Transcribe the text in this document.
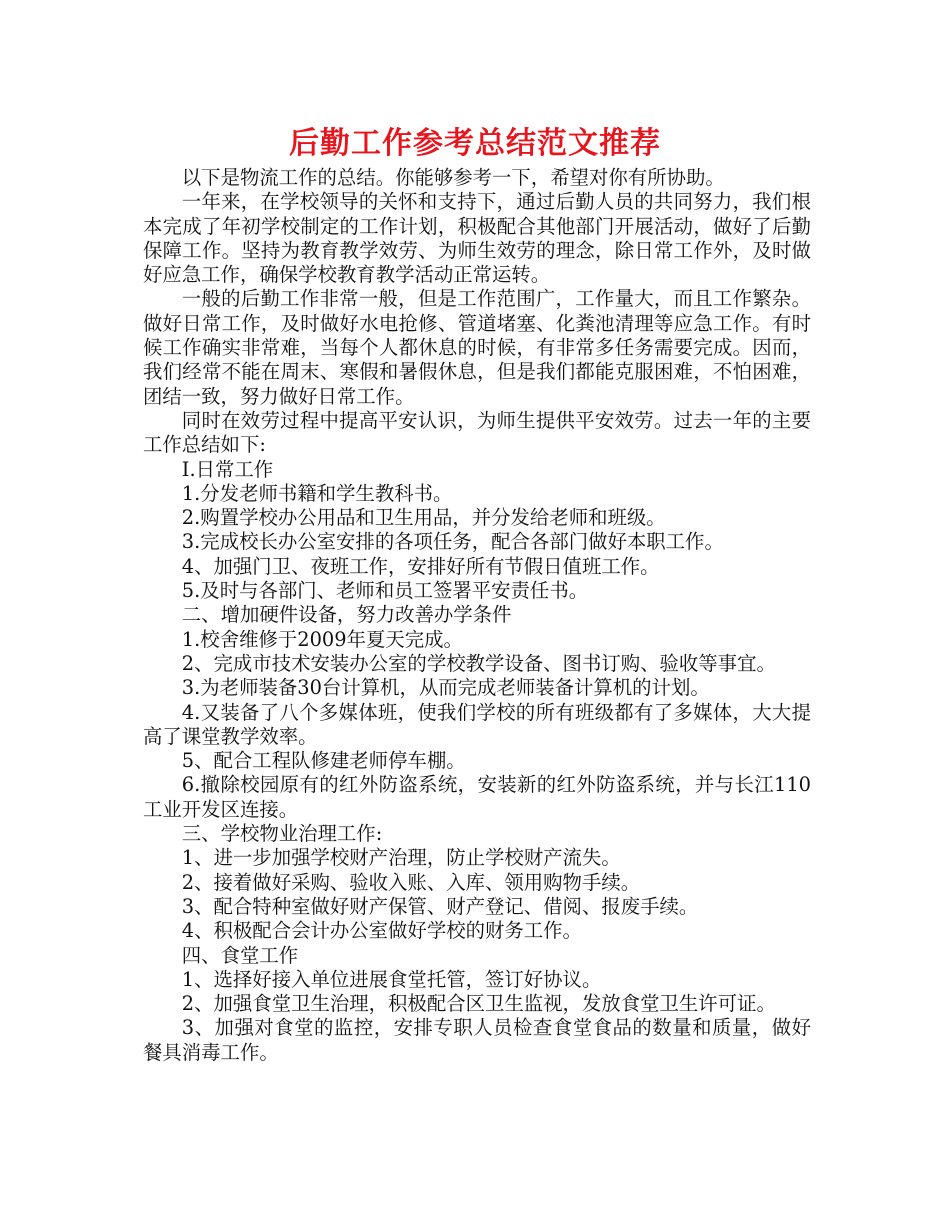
后勤工作参考总结范文推荐

以下是物流工作的总结。你能够参考一下，希望对你有所协助。

一年来，在学校领导的关怀和支持下，通过后勤人员的共同努力，我们根本完成了年初学校制定的工作计划，积极配合其他部门开展活动，做好了后勤保障工作。坚持为教育教学效劳、为师生效劳的理念，除日常工作外，及时做好应急工作，确保学校教育教学活动正常运转。

一般的后勤工作非常一般，但是工作范围广，工作量大，而且工作繁杂。做好日常工作，及时做好水电抢修、管道堵塞、化粪池清理等应急工作。有时候工作确实非常难，当每个人都休息的时候，有非常多任务需要完成。因而，我们经常不能在周末、寒假和暑假休息，但是我们都能克服困难，不怕困难，团结一致，努力做好日常工作。

同时在效劳过程中提高平安认识，为师生提供平安效劳。过去一年的主要工作总结如下:

Ⅰ.日常工作

1.分发老师书籍和学生教科书。

2.购置学校办公用品和卫生用品，并分发给老师和班级。

3.完成校长办公室安排的各项任务，配合各部门做好本职工作。

4、加强门卫、夜班工作，安排好所有节假日值班工作。

5.及时与各部门、老师和员工签署平安责任书。

二、增加硬件设备，努力改善办学条件

1.校舍维修于2009年夏天完成。

2、完成市技术安装办公室的学校教学设备、图书订购、验收等事宜。

3.为老师装备30台计算机，从而完成老师装备计算机的计划。

4.又装备了八个多媒体班，使我们学校的所有班级都有了多媒体，大大提高了课堂教学效率。

5、配合工程队修建老师停车棚。

6.撤除校园原有的红外防盗系统，安装新的红外防盗系统，并与长江110工业开发区连接。

三、学校物业治理工作:

1、进一步加强学校财产治理，防止学校财产流失。

2、接着做好采购、验收入账、入库、领用购物手续。

3、配合特种室做好财产保管、财产登记、借阅、报废手续。

4、积极配合会计办公室做好学校的财务工作。

四、食堂工作

1、选择好接入单位进展食堂托管，签订好协议。

2、加强食堂卫生治理，积极配合区卫生监视，发放食堂卫生许可证。

3、加强对食堂的监控，安排专职人员检查食堂食品的数量和质量，做好餐具消毒工作。
